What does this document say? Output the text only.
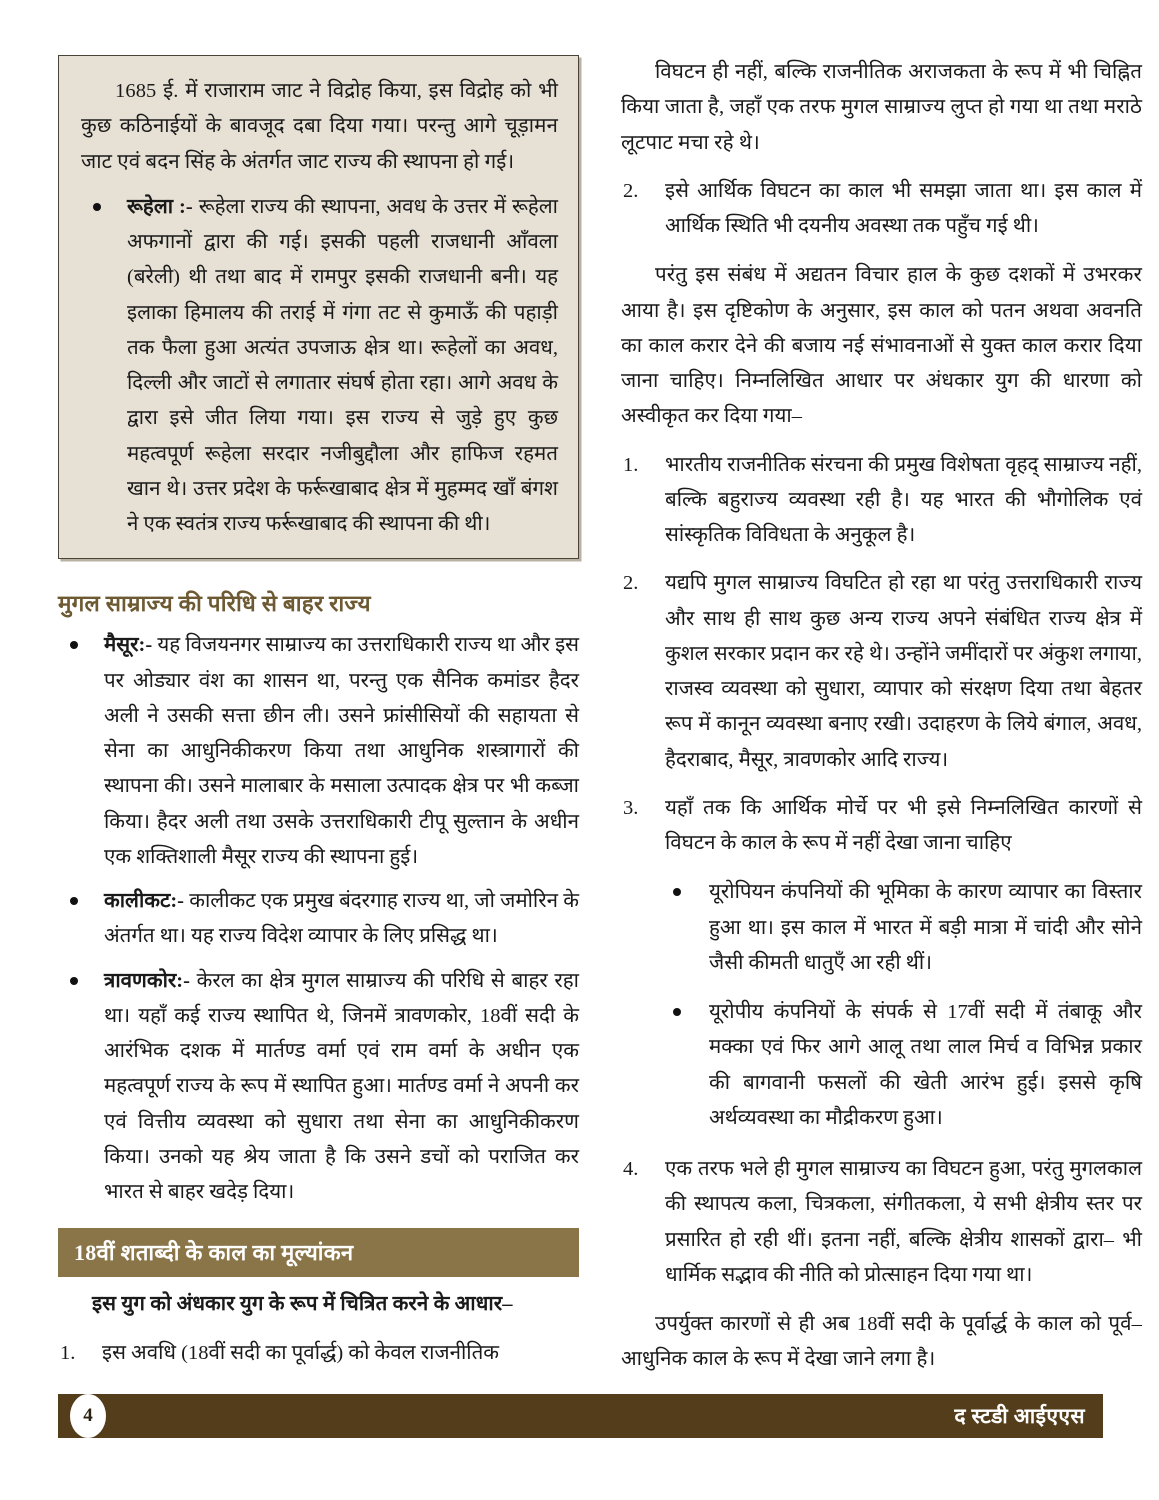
1685 ई. में राजाराम जाट ने विद्रोह किया, इस विद्रोह को भी कुछ कठिनाईयों के बावजूद दबा दिया गया। परन्तु आगे चूड़ामन जाट एवं बदन सिंह के अंतर्गत जाट राज्य की स्थापना हो गई।

रूहेला :- रूहेला राज्य की स्थापना, अवध के उत्तर में रूहेला अफगानों द्वारा की गई। इसकी पहली राजधानी आँवला (बरेली) थी तथा बाद में रामपुर इसकी राजधानी बनी। यह इलाका हिमालय की तराई में गंगा तट से कुमाऊँ की पहाड़ी तक फैला हुआ अत्यंत उपजाऊ क्षेत्र था। रूहेलों का अवध, दिल्ली और जाटों से लगातार संघर्ष होता रहा। आगे अवध के द्वारा इसे जीत लिया गया। इस राज्य से जुड़े हुए कुछ महत्वपूर्ण रूहेला सरदार नजीबुद्दौला और हाफिज रहमत खान थे। उत्तर प्रदेश के फर्रूखाबाद क्षेत्र में मुहम्मद खाँ बंगश ने एक स्वतंत्र राज्य फर्रूखाबाद की स्थापना की थी।
मुगल साम्राज्य की परिधि से बाहर राज्य
मैसूर:- यह विजयनगर साम्राज्य का उत्तराधिकारी राज्य था और इस पर ओड्यार वंश का शासन था, परन्तु एक सैनिक कमांडर हैदर अली ने उसकी सत्ता छीन ली। उसने फ्रांसीसियों की सहायता से सेना का आधुनिकीकरण किया तथा आधुनिक शस्त्रागारों की स्थापना की। उसने मालाबार के मसाला उत्पादक क्षेत्र पर भी कब्जा किया। हैदर अली तथा उसके उत्तराधिकारी टीपू सुल्तान के अधीन एक शक्तिशाली मैसूर राज्य की स्थापना हुई।
कालीकट:- कालीकट एक प्रमुख बंदरगाह राज्य था, जो जमोरिन के अंतर्गत था। यह राज्य विदेश व्यापार के लिए प्रसिद्ध था।
त्रावणकोर:- केरल का क्षेत्र मुगल साम्राज्य की परिधि से बाहर रहा था। यहाँ कई राज्य स्थापित थे, जिनमें त्रावणकोर, 18वीं सदी के आरंभिक दशक में मार्तण्ड वर्मा एवं राम वर्मा के अधीन एक महत्वपूर्ण राज्य के रूप में स्थापित हुआ। मार्तण्ड वर्मा ने अपनी कर एवं वित्तीय व्यवस्था को सुधारा तथा सेना का आधुनिकीकरण किया। उनको यह श्रेय जाता है कि उसने डचों को पराजित कर भारत से बाहर खदेड़ दिया।
18वीं शताब्दी के काल का मूल्यांकन

इस युग को अंधकार युग के रूप में चित्रित करने के आधार–

1. इस अवधि (18वीं सदी का पूर्वार्द्ध) को केवल राजनीतिक

विघटन ही नहीं, बल्कि राजनीतिक अराजकता के रूप में भी चिह्नित किया जाता है, जहाँ एक तरफ मुगल साम्राज्य लुप्त हो गया था तथा मराठे लूटपाट मचा रहे थे।

2. इसे आर्थिक विघटन का काल भी समझा जाता था। इस काल में आर्थिक स्थिति भी दयनीय अवस्था तक पहुँच गई थी।

परंतु इस संबंध में अद्यतन विचार हाल के कुछ दशकों में उभरकर आया है। इस दृष्टिकोण के अनुसार, इस काल को पतन अथवा अवनति का काल करार देने की बजाय नई संभावनाओं से युक्त काल करार दिया जाना चाहिए। निम्नलिखित आधार पर अंधकार युग की धारणा को अस्वीकृत कर दिया गया–

1. भारतीय राजनीतिक संरचना की प्रमुख विशेषता वृहद् साम्राज्य नहीं, बल्कि बहुराज्य व्यवस्था रही है। यह भारत की भौगोलिक एवं सांस्कृतिक विविधता के अनुकूल है।
2. यद्यपि मुगल साम्राज्य विघटित हो रहा था परंतु उत्तराधिकारी राज्य और साथ ही साथ कुछ अन्य राज्य अपने संबंधित राज्य क्षेत्र में कुशल सरकार प्रदान कर रहे थे। उन्होंने जमींदारों पर अंकुश लगाया, राजस्व व्यवस्था को सुधारा, व्यापार को संरक्षण दिया तथा बेहतर रूप में कानून व्यवस्था बनाए रखी। उदाहरण के लिये बंगाल, अवध, हैदराबाद, मैसूर, त्रावणकोर आदि राज्य।
3. यहाँ तक कि आर्थिक मोर्चे पर भी इसे निम्नलिखित कारणों से विघटन के काल के रूप में नहीं देखा जाना चाहिए
यूरोपियन कंपनियों की भूमिका के कारण व्यापार का विस्तार हुआ था। इस काल में भारत में बड़ी मात्रा में चांदी और सोने जैसी कीमती धातुएँ आ रही थीं।
यूरोपीय कंपनियों के संपर्क से 17वीं सदी में तंबाकू और मक्का एवं फिर आगे आलू तथा लाल मिर्च व विभिन्न प्रकार की बागवानी फसलों की खेती आरंभ हुई। इससे कृषि अर्थव्यवस्था का मौद्रीकरण हुआ।
4. एक तरफ भले ही मुगल साम्राज्य का विघटन हुआ, परंतु मुगलकाल की स्थापत्य कला, चित्रकला, संगीतकला, ये सभी क्षेत्रीय स्तर पर प्रसारित हो रही थीं। इतना नहीं, बल्कि क्षेत्रीय शासकों द्वारा– भी धार्मिक सद्भाव की नीति को प्रोत्साहन दिया गया था।

उपर्युक्त कारणों से ही अब 18वीं सदी के पूर्वार्द्ध के काल को पूर्व– आधुनिक काल के रूप में देखा जाने लगा है।

4	द स्टडी आईएएस
